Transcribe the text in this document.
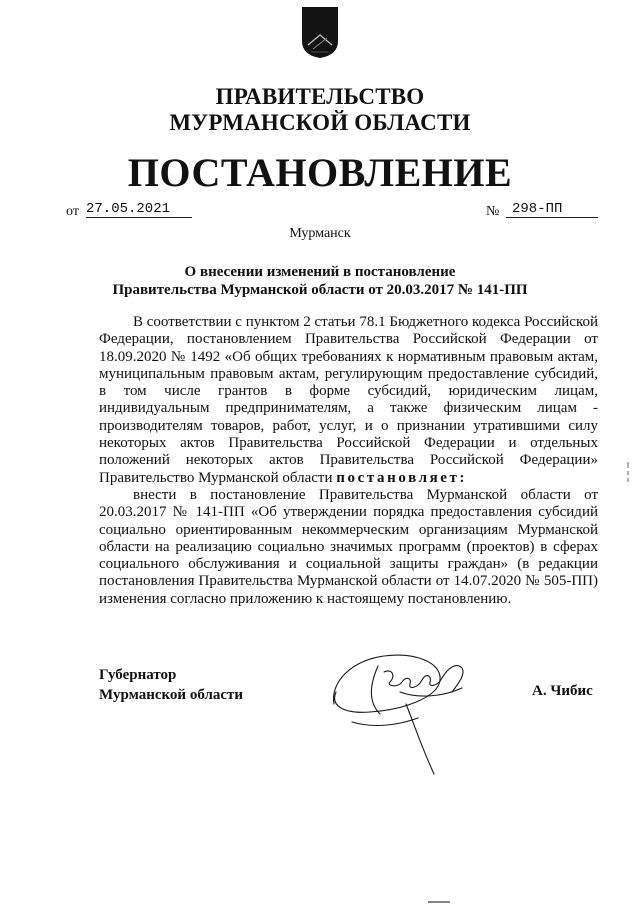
ПРАВИТЕЛЬСТВО
МУРМАНСКОЙ ОБЛАСТИ
ПОСТАНОВЛЕНИЕ
от 27.05.2021	№ 298-ПП
Мурманск
О внесении изменений в постановление
Правительства Мурманской области от 20.03.2017 № 141-ПП

В соответствии с пунктом 2 статьи 78.1 Бюджетного кодекса Российской Федерации, постановлением Правительства Российской Федерации от 18.09.2020 № 1492 «Об общих требованиях к нормативным правовым актам, муниципальным правовым актам, регулирующим предоставление субсидий, в том числе грантов в форме субсидий, юридическим лицам, индивидуальным предпринимателям, а также физическим лицам - производителям товаров, работ, услуг, и о признании утратившими силу некоторых актов Правительства Российской Федерации и отдельных положений некоторых актов Правительства Российской Федерации» Правительство Мурманской области постановляет:

внести в постановление Правительства Мурманской области от 20.03.2017 № 141-ПП «Об утверждении порядка предоставления субсидий социально ориентированным некоммерческим организациям Мурманской области на реализацию социально значимых программ (проектов) в сферах социального обслуживания и социальной защиты граждан» (в редакции постановления Правительства Мурманской области от 14.07.2020 № 505-ПП) изменения согласно приложению к настоящему постановлению.

Губернатор
Мурманской области	А. Чибис
